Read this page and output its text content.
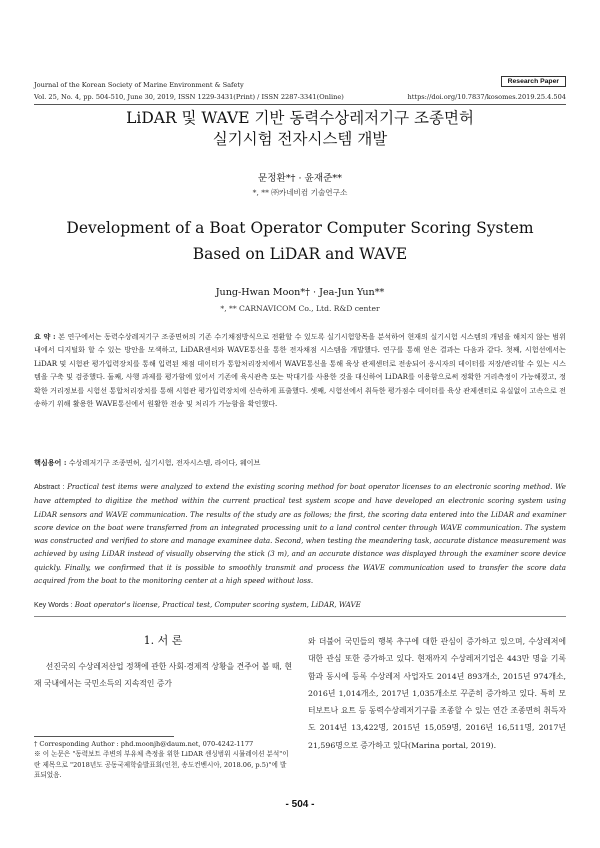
Journal of the Korean Society of Marine Environment & Safety	Research Paper
Vol. 25, No. 4, pp. 504-510, June 30, 2019, ISSN 1229-3431(Print) / ISSN 2287-3341(Online)	https://doi.org/10.7837/kosomes.2019.25.4.504
LiDAR 및 WAVE 기반 동력수상레저기구 조종면허
실기시험 전자시스템 개발
문정환*† · 윤재준**
*, ** ㈜카네비컴 기술연구소
Development of a Boat Operator Computer Scoring System
Based on LiDAR and WAVE
Jung-Hwan Moon*† · Jea-Jun Yun**
*, ** CARNAVICOM Co., Ltd. R&D center
요 약 : 본 연구에서는 동력수상레저기구 조종면허의 기존 수기채점방식으로 전환할 수 있도록 실기시험항목을 분석하여 현재의 실기시험 시스템의 개념을 해치지 않는 범위 내에서 디지털화 할 수 있는 방안을 모색하고, LiDAR센서와 WAVE통신을 통한 전자채점 시스템을 개발했다. 연구를 통해 얻은 결과는 다음과 같다. 첫째, 시험선에서는 LiDAR 및 시험관 평가입력장치를 통해 입력된 채점 데이터가 통합처리장치에서 WAVE통신을 통해 육상 관제센터로 전송되어 응시자의 데이터를 저장/관리할 수 있는 시스템을 구축 및 검증했다. 둘째, 사행 과제를 평가함에 있어서 기존에 육시관측 또는 막대기를 사용한 것을 대신하여 LiDAR를 이용함으로써 정확한 거리측정이 가능해졌고, 정확한 거리정보를 시험선 통합처리장치를 통해 시험관 평가입력장치에 신속하게 표출했다. 셋째, 시험선에서 취득한 평가점수 데이터를 육상 관제센터로 유실없이 고속으로 전송하기 위해 활용한 WAVE통신에서 원활한 전송 및 처리가 가능함을 확인했다.
핵심용어 : 수상레저기구 조종면허, 실기시험, 전자시스템, 라이다, 웨이브
Abstract : Practical test items were analyzed to extend the existing scoring method for boat operator licenses to an electronic scoring method. We have attempted to digitize the method within the current practical test system scope and have developed an electronic scoring system using LiDAR sensors and WAVE communication. The results of the study are as follows; the first, the scoring data entered into the LiDAR and examiner score device on the boat were transferred from an integrated processing unit to a land control center through WAVE communication. The system was constructed and verified to store and manage examinee data. Second, when testing the meandering task, accurate distance measurement was achieved by using LiDAR instead of visually observing the stick (3 m), and an accurate distance was displayed through the examiner score device quickly. Finally, we confirmed that it is possible to smoothly transmit and process the WAVE communication used to transfer the score data acquired from the boat to the monitoring center at a high speed without loss.
Key Words : Boat operator's license, Practical test, Computer scoring system, LiDAR, WAVE
1. 서 론
선진국의 수상레저산업 정책에 관한 사회·경제적 상황을 견주어 볼 때, 현재 국내에서는 국민소득의 지속적인 증가
와 더불어 국민들의 행복 추구에 대한 관심이 증가하고 있으며, 수상레저에 대한 관심 또한 증가하고 있다. 현재까지 수상레저기업은 443만 명을 기록함과 동시에 등록 수상레저 사업자도 2014년 893개소, 2015년 974개소, 2016년 1,014개소, 2017년 1,035개소로 꾸준히 증가하고 있다. 특히 모터보트나 요트 등 동력수상레저기구를 조종할 수 있는 연간 조종면허 취득자도 2014년 13,422명, 2015년 15,059명, 2016년 16,511명, 2017년 21,596명으로 증가하고 있다(Marina portal, 2019).
† Corresponding Author : phd.moonjh@daum.net, 070-4242-1177
※ 이 논문은 "동력보트 주변의 부유체 측정을 위한 LiDAR 센싱범위 시뮬레이션 분석"이란 제목으로 "2018년도 공동국제학술발표회(인천, 송도컨벤시아, 2018.06, p.5)"에 발표되었음.
- 504 -
